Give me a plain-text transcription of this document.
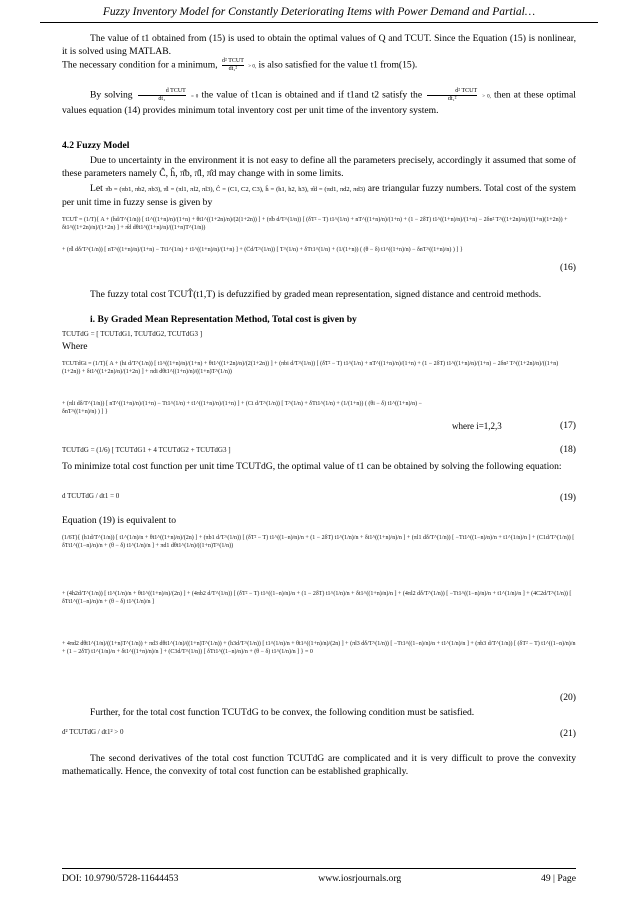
Fuzzy Inventory Model for Constantly Deteriorating Items with Power Demand and Partial…
The value of t1 obtained from (15) is used to obtain the optimal values of Q and TCUT. Since the Equation (15) is nonlinear, it is solved using MATLAB.
The necessary condition for a minimum, d² TCUT
dt₁² > 0, is also satisfied for the value t1 from(15).
By solving	d TCUT
dt₁	= 0 the value of t1can is obtained and if t1and t2 satisfy the	d² TCUT
dt₁²	> 0, then at these optimal values equation (14) provides minimum total inventory cost per unit time of the inventory system.
4.2 Fuzzy Model
Due to uncertainty in the environment it is not easy to define all the parameters precisely, accordingly it assumed that some of these parameters namely Ĉ, ĥ, π̂b, π̂l, π̂d may change with in some limits.
Let π̂b = (πb1, πb2, πb3), π̂l = (πl1, πl2, πl3), Ĉ = (C1, C2, C3), ĥ = (h1, h2, h3), π̂d = (πd1, πd2, πd3) are triangular fuzzy numbers. Total cost of the system per unit time in fuzzy sense is given by
TCUT̂ = (1/T){ A + (ĥd/T^(1/n)) [ t1^((1+n)/n)/(1+n) + θt1^((1+2n)/n)/(2(1+2n)) ] + (π̂b d/T^(1/n)) [ (δT² − T) t1^(1/n) + nT^((1+n)/n)/(1+n) + (1 − 2δT) t1^((1+n)/n)/(1+n) − 2δn² T^((1+2n)/n)/((1+n)(1+2n)) + δt1^((1+2n)/n)/(1+2n) ] + π̂d dθt1^((1+n)/n)/((1+n)T^(1/n))
+ (π̂l dδ/T^(1/n)) [ nT^((1+n)/n)/(1+n) − Tt1^(1/n) + t1^((1+n)/n)/(1+n) ] + (Ĉd/T^(1/n)) [ T^(1/n) + δTt1^(1/n) + (1/(1+n)) ( (θ − δ) t1^((1+n)/n) − δnT^((1+n)/n) ) ] }
(16)
The fuzzy total cost TCUT̂(t1,T) is defuzzified by graded mean representation, signed distance and centroid methods.
i. By Graded Mean Representation Method, Total cost is given by
TCUTdG = [ TCUTdG1, TCUTdG2, TCUTdG3 ]
Where
TCUTdGi = (1/T){ A + (hi d/T^(1/n)) [ t1^((1+n)/n)/(1+n) + θt1^((1+2n)/n)/(2(1+2n)) ] + (πbi d/T^(1/n)) [ (δT² − T) t1^(1/n) + nT^((1+n)/n)/(1+n) + (1 − 2δT) t1^((1+n)/n)/(1+n) − 2δn² T^((1+2n)/n)/((1+n)(1+2n)) + δt1^((1+2n)/n)/(1+2n) ] + πdi dθt1^((1+n)/n)/((1+n)T^(1/n))
+ (πli dδ/T^(1/n)) [ nT^((1+n)/n)/(1+n) − Tt1^(1/n) + t1^((1+n)/n)/(1+n) ] + (Ci d/T^(1/n)) [ T^(1/n) + δTt1^(1/n) + (1/(1+n)) ( (θi − δ) t1^((1+n)/n) − δnT^((1+n)/n) ) ] }
where i=1,2,3	(17)
TCUTdG = (1/6) [ TCUTdG1 + 4 TCUTdG2 + TCUTdG3 ]	(18)
To minimize total cost function per unit time TCUTdG, the optimal value of t1 can be obtained by solving the following equation:
d TCUTdG / dt1 = 0	(19)
Equation (19) is equivalent to
(1/6T){ (h1d/T^(1/n)) [ t1^(1/n)/n + θt1^((1+n)/n)/(2n) ] + (πb1 d/T^(1/n)) [ (δT² − T) t1^((1−n)/n)/n + (1 − 2δT) t1^(1/n)/n + δt1^((1+n)/n)/n ] + (πl1 dδ/T^(1/n)) [ −Tt1^((1−n)/n)/n + t1^(1/n)/n ] + (C1d/T^(1/n)) [ δTt1^((1−n)/n)/n + (θ − δ) t1^(1/n)/n ] + πd1 dθt1^(1/n)/((1+n)T^(1/n))
+ (4h2d/T^(1/n)) [ t1^(1/n)/n + θt1^((1+n)/n)/(2n) ] + (4πb2 d/T^(1/n)) [ (δT² − T) t1^((1−n)/n)/n + (1 − 2δT) t1^(1/n)/n + δt1^((1+n)/n)/n ] + (4πl2 dδ/T^(1/n)) [ −Tt1^((1−n)/n)/n + t1^(1/n)/n ] + (4C2d/T^(1/n)) [ δTt1^((1−n)/n)/n + (θ − δ) t1^(1/n)/n ]
+ 4πd2 dθt1^(1/n)/((1+n)T^(1/n)) + πd3 dθt1^(1/n)/((1+n)T^(1/n)) + (h3d/T^(1/n)) [ t1^(1/n)/n + θt1^((1+n)/n)/(2n) ] + (πl3 dδ/T^(1/n)) [ −Tt1^((1−n)/n)/n + t1^(1/n)/n ] + (πb3 d/T^(1/n)) [ (δT² − T) t1^((1−n)/n)/n + (1 − 2δT) t1^(1/n)/n + δt1^((1+n)/n)/n ] + (C3d/T^(1/n)) [ δTt1^((1−n)/n)/n + (θ − δ) t1^(1/n)/n ] } = 0
(20)
Further, for the total cost function TCUTdG to be convex, the following condition must be satisfied.
d² TCUTdG / dt1² > 0	(21)
The second derivatives of the total cost function TCUTdG are complicated and it is very difficult to prove the convexity mathematically. Hence, the convexity of total cost function can be established graphically.
DOI: 10.9790/5728-11644453	www.iosrjournals.org	49 | Page
